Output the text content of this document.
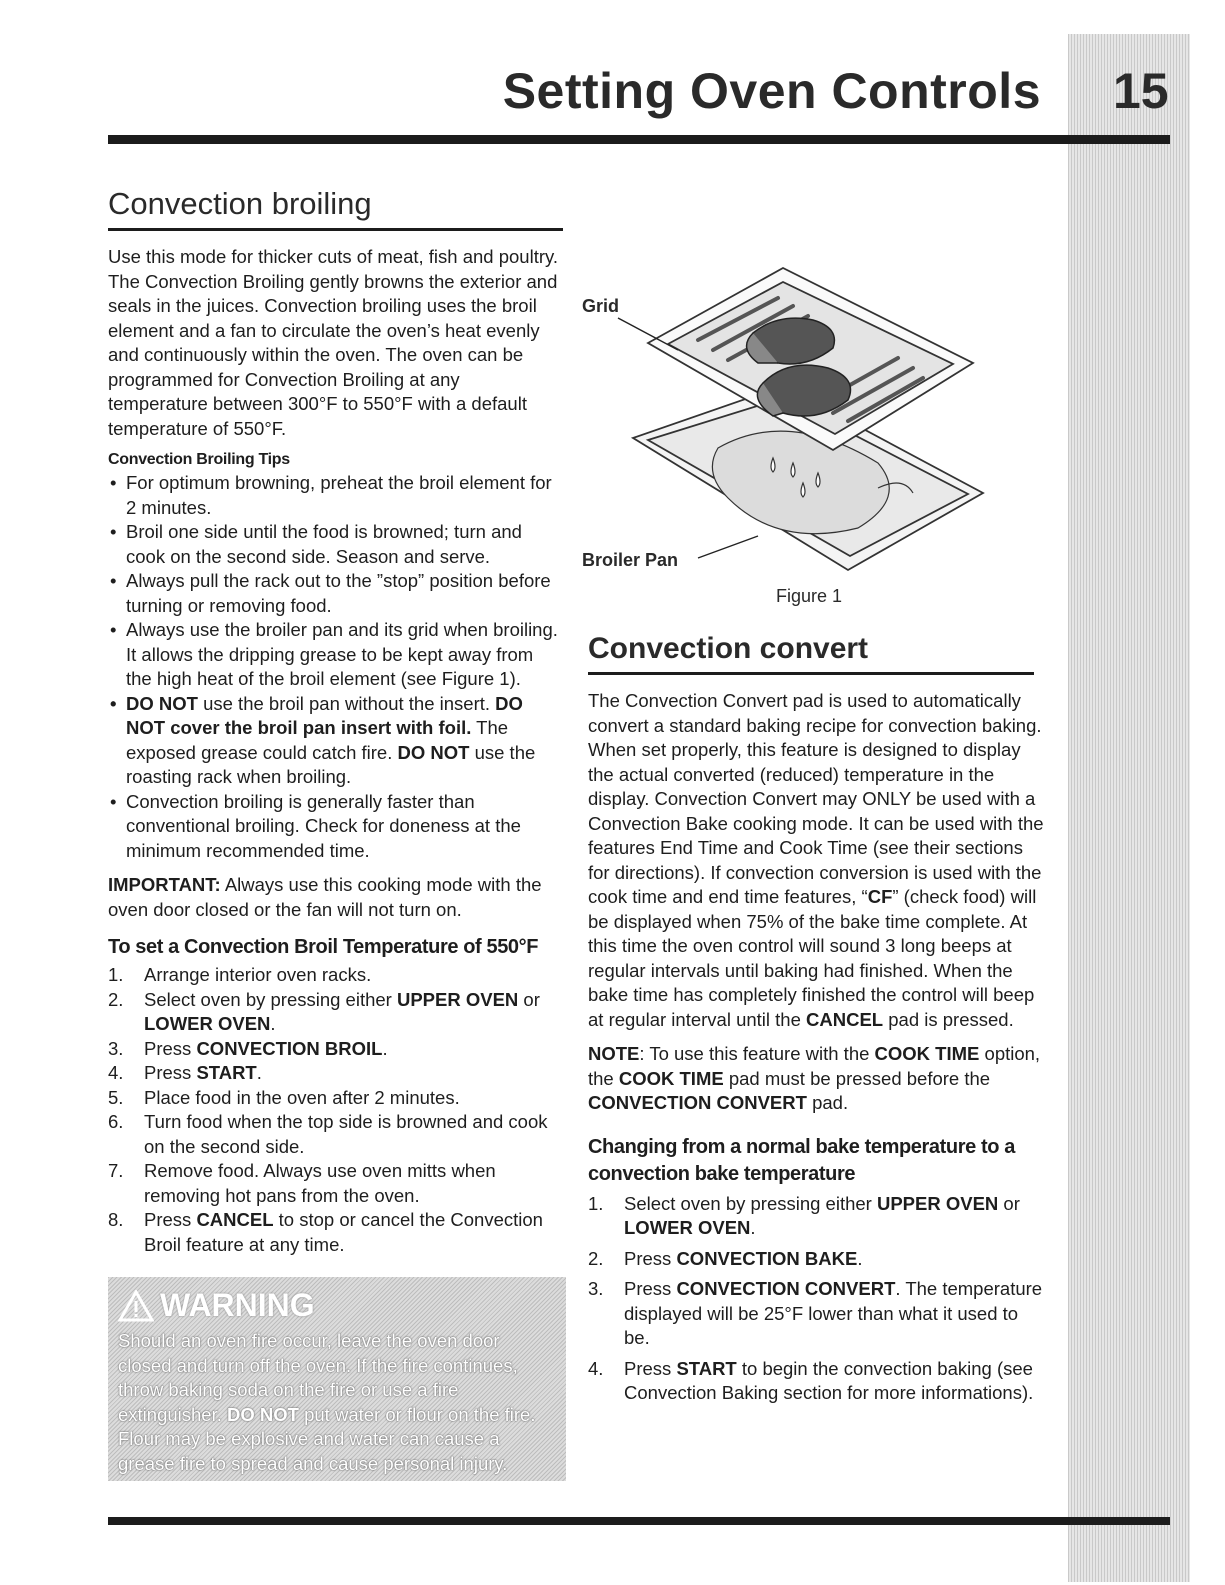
Setting Oven Controls 15
Convection broiling

Use this mode for thicker cuts of meat, fish and poultry. The Convection Broiling gently browns the exterior and seals in the juices. Convection broiling uses the broil element and a fan to circulate the oven’s heat evenly and continuously within the oven. The oven can be programmed for Convection Broiling at any temperature between 300°F to 550°F with a default temperature of 550°F.

Convection Broiling Tips
• For optimum browning, preheat the broil element for 2 minutes.
• Broil one side until the food is browned; turn and cook on the second side. Season and serve.
• Always pull the rack out to the ”stop” position before turning or removing food.
• Always use the broiler pan and its grid when broiling. It allows the dripping grease to be kept away from the high heat of the broil element (see Figure 1).
• DO NOT use the broil pan without the insert. DO NOT cover the broil pan insert with foil. The exposed grease could catch fire. DO NOT use the roasting rack when broiling.
• Convection broiling is generally faster than conventional broiling. Check for doneness at the minimum recommended time.

IMPORTANT: Always use this cooking mode with the oven door closed or the fan will not turn on.

To set a Convection Broil Temperature of 550°F
1. Arrange interior oven racks.
2. Select oven by pressing either UPPER OVEN or LOWER OVEN.
3. Press CONVECTION BROIL.
4. Press START.
5. Place food in the oven after 2 minutes.
6. Turn food when the top side is browned and cook on the second side.
7. Remove food. Always use oven mitts when removing hot pans from the oven.
8. Press CANCEL to stop or cancel the Convection Broil feature at any time.
WARNING
Should an oven fire occur, leave the oven door closed and turn off the oven. If the fire continues, throw baking soda on the fire or use a fire extinguisher. DO NOT put water or flour on the fire. Flour may be explosive and water can cause a grease fire to spread and cause personal injury.
Grid
Broiler Pan
Figure 1
Convection convert

The Convection Convert pad is used to automatically convert a standard baking recipe for convection baking. When set properly, this feature is designed to display the actual converted (reduced) temperature in the display. Convection Convert may ONLY be used with a Convection Bake cooking mode. It can be used with the features End Time and Cook Time (see their sections for directions). If convection conversion is used with the cook time and end time features, “CF” (check food) will be displayed when 75% of the bake time complete. At this time the oven control will sound 3 long beeps at regular intervals until baking had finished. When the bake time has completely finished the control will beep at regular interval until the CANCEL pad is pressed.

NOTE: To use this feature with the COOK TIME option, the COOK TIME pad must be pressed before the CONVECTION CONVERT pad.

Changing from a normal bake temperature to a convection bake temperature
1. Select oven by pressing either UPPER OVEN or LOWER OVEN.
2. Press CONVECTION BAKE.
3. Press CONVECTION CONVERT. The temperature displayed will be 25°F lower than what it used to be.
4. Press START to begin the convection baking (see Convection Baking section for more informations).
